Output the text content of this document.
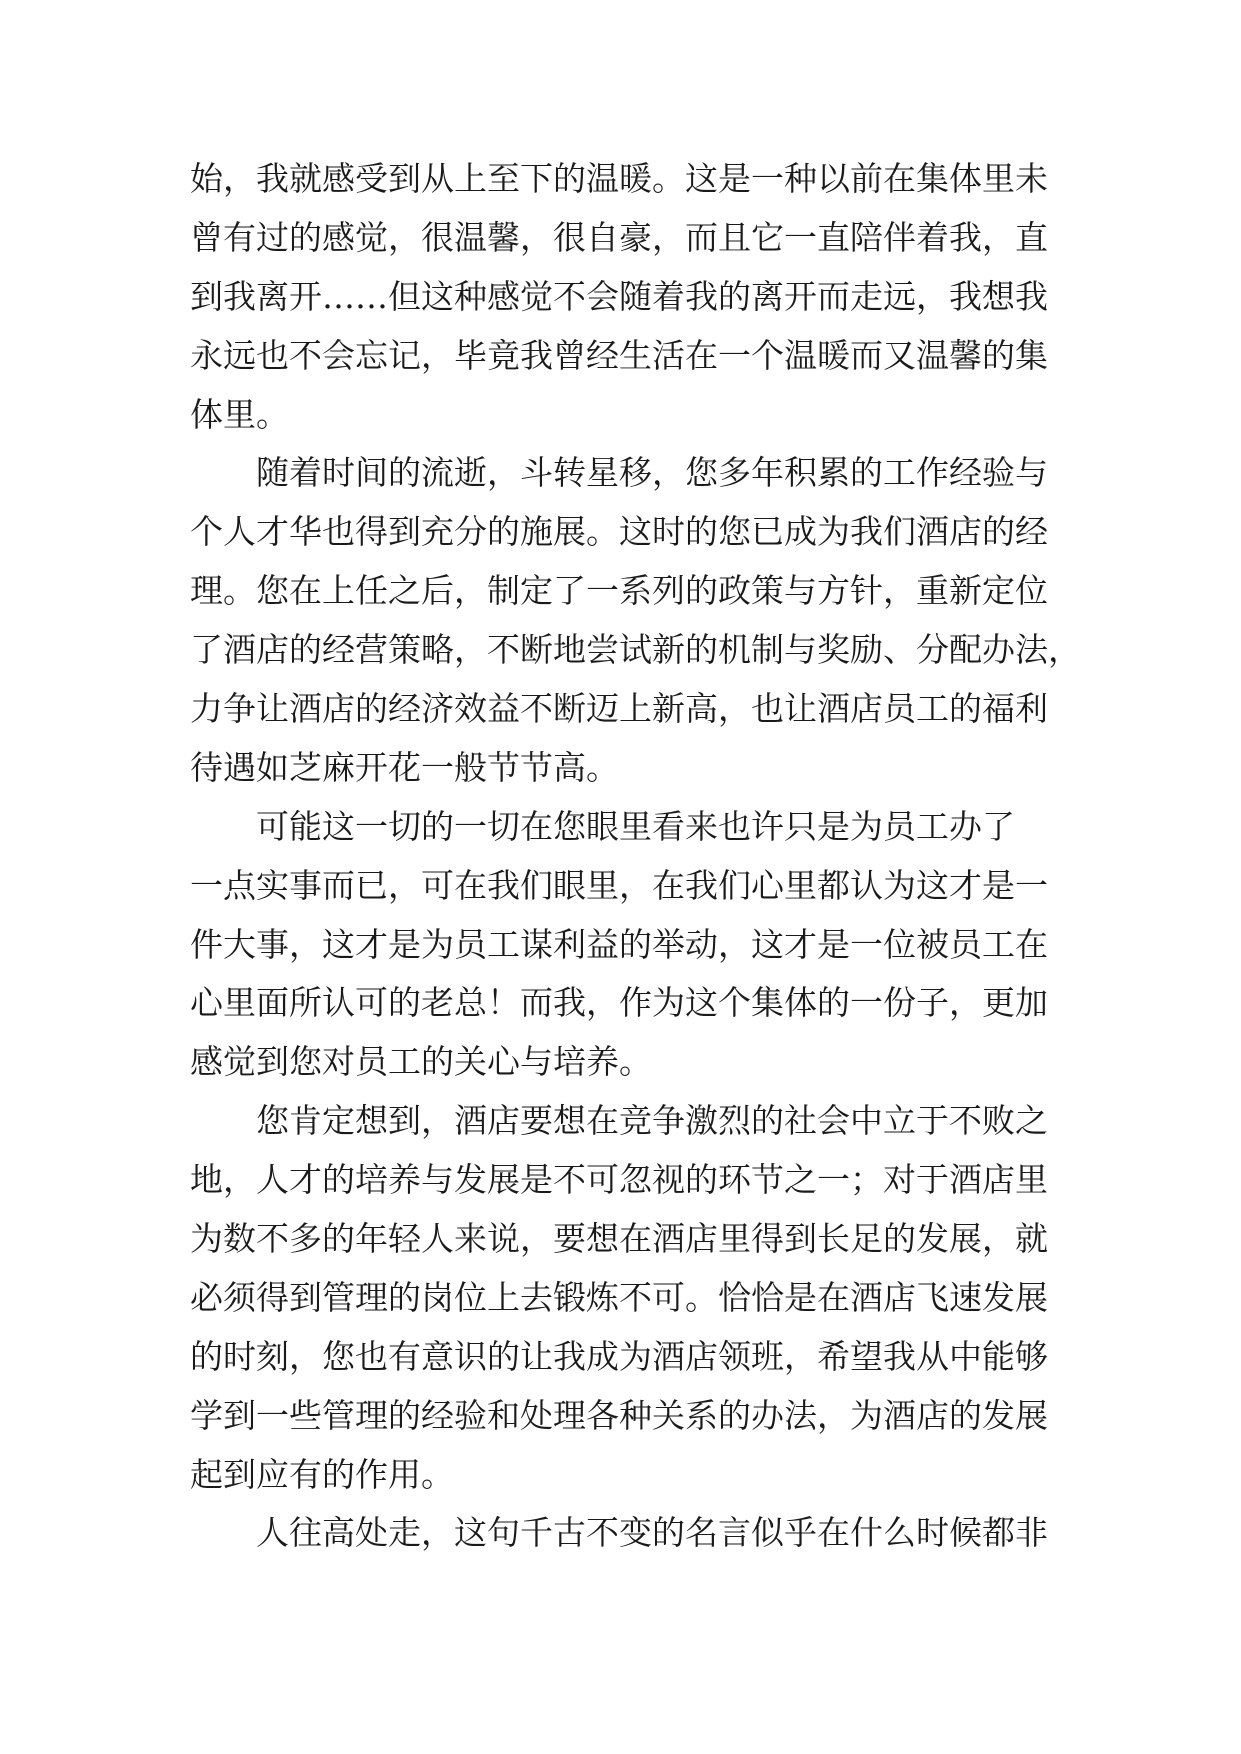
始，我就感受到从上至下的温暖。这是一种以前在集体里未
曾有过的感觉，很温馨，很自豪，而且它一直陪伴着我，直
到我离开……但这种感觉不会随着我的离开而走远，我想我
永远也不会忘记，毕竟我曾经生活在一个温暖而又温馨的集
体里。
随着时间的流逝，斗转星移，您多年积累的工作经验与
个人才华也得到充分的施展。这时的您已成为我们酒店的经
理。您在上任之后，制定了一系列的政策与方针，重新定位
了酒店的经营策略，不断地尝试新的机制与奖励、分配办法，
力争让酒店的经济效益不断迈上新高，也让酒店员工的福利
待遇如芝麻开花一般节节高。
可能这一切的一切在您眼里看来也许只是为员工办了
一点实事而已，可在我们眼里，在我们心里都认为这才是一
件大事，这才是为员工谋利益的举动，这才是一位被员工在
心里面所认可的老总！而我，作为这个集体的一份子，更加
感觉到您对员工的关心与培养。
您肯定想到，酒店要想在竞争激烈的社会中立于不败之
地，人才的培养与发展是不可忽视的环节之一；对于酒店里
为数不多的年轻人来说，要想在酒店里得到长足的发展，就
必须得到管理的岗位上去锻炼不可。恰恰是在酒店飞速发展
的时刻，您也有意识的让我成为酒店领班，希望我从中能够
学到一些管理的经验和处理各种关系的办法，为酒店的发展
起到应有的作用。
人往高处走，这句千古不变的名言似乎在什么时候都非
